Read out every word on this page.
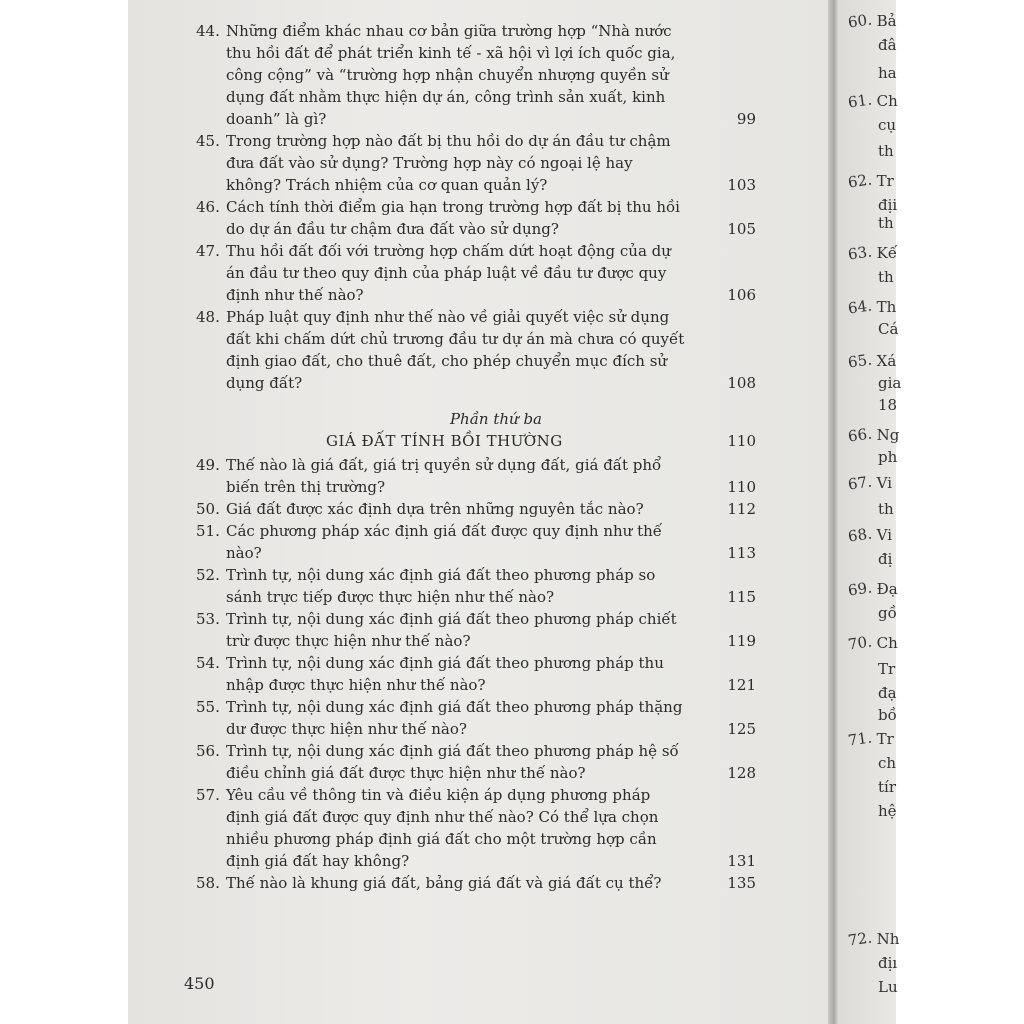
44. Những điểm khác nhau cơ bản giữa trường hợp “Nhà nước thu hồi đất để phát triển kinh tế - xã hội vì lợi ích quốc gia, công cộng” và “trường hợp nhận chuyển nhượng quyền sử dụng đất nhằm thực hiện dự án, công trình sản xuất, kinh doanh” là gì?	99
45. Trong trường hợp nào đất bị thu hồi do dự án đầu tư chậm đưa đất vào sử dụng? Trường hợp này có ngoại lệ hay không? Trách nhiệm của cơ quan quản lý?	103
46. Cách tính thời điểm gia hạn trong trường hợp đất bị thu hồi do dự án đầu tư chậm đưa đất vào sử dụng?	105
47. Thu hồi đất đối với trường hợp chấm dứt hoạt động của dự án đầu tư theo quy định của pháp luật về đầu tư được quy định như thế nào?	106
48. Pháp luật quy định như thế nào về giải quyết việc sử dụng đất khi chấm dứt chủ trương đầu tư dự án mà chưa có quyết định giao đất, cho thuê đất, cho phép chuyển mục đích sử dụng đất?	108
Phần thứ ba
GIÁ ĐẤT TÍNH BỒI THƯỜNG	110
49. Thế nào là giá đất, giá trị quyền sử dụng đất, giá đất phổ biến trên thị trường?	110
50. Giá đất được xác định dựa trên những nguyên tắc nào?	112
51. Các phương pháp xác định giá đất được quy định như thế nào?	113
52. Trình tự, nội dung xác định giá đất theo phương pháp so sánh trực tiếp được thực hiện như thế nào?	115
53. Trình tự, nội dung xác định giá đất theo phương pháp chiết trừ được thực hiện như thế nào?	119
54. Trình tự, nội dung xác định giá đất theo phương pháp thu nhập được thực hiện như thế nào?	121
55. Trình tự, nội dung xác định giá đất theo phương pháp thặng dư được thực hiện như thế nào?	125
56. Trình tự, nội dung xác định giá đất theo phương pháp hệ số điều chỉnh giá đất được thực hiện như thế nào?	128
57. Yêu cầu về thông tin và điều kiện áp dụng phương pháp định giá đất được quy định như thế nào? Có thể lựa chọn nhiều phương pháp định giá đất cho một trường hợp cần định giá đất hay không?	131
58. Thế nào là khung giá đất, bảng giá đất và giá đất cụ thể?	135
450
60. Bả
đâ
ha
61. Ch
cụ
th
62. Tr
địi
th
63. Kế
th
64. Th
Cá
65. Xá
gia
18
66. Ng
ph
67. Vi
th
68. Vi
đị
69. Đạ
gồ
70. Ch
Tr
đạ
bồ
71. Tr
ch
tír
hệ
72. Nh
địı
Lu
